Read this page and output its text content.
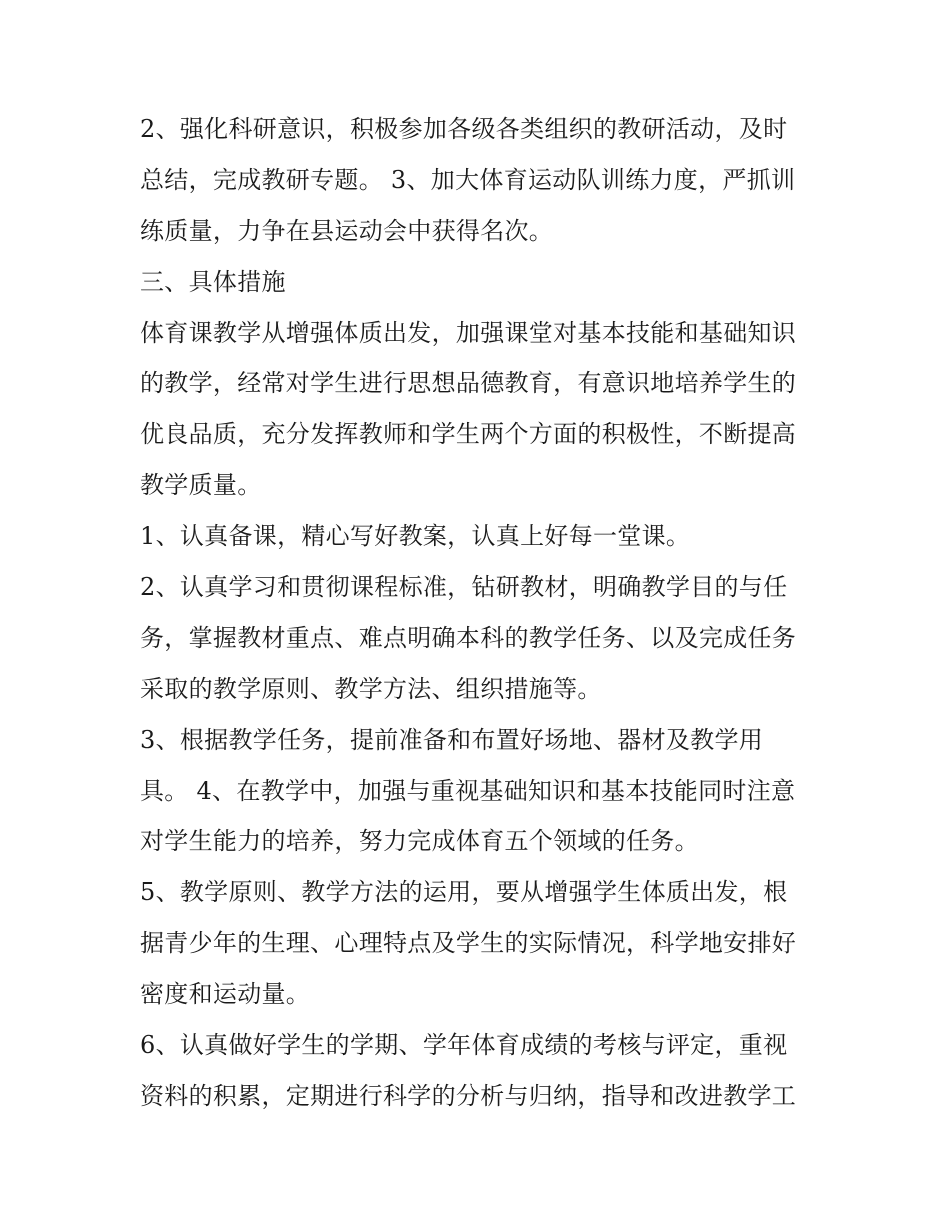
2、强化科研意识，积极参加各级各类组织的教研活动，及时
总结，完成教研专题。 3、加大体育运动队训练力度，严抓训
练质量，力争在县运动会中获得名次。
三、具体措施
体育课教学从增强体质出发，加强课堂对基本技能和基础知识
的教学，经常对学生进行思想品德教育，有意识地培养学生的
优良品质，充分发挥教师和学生两个方面的积极性，不断提高
教学质量。
1、认真备课，精心写好教案，认真上好每一堂课。
2、认真学习和贯彻课程标准，钻研教材，明确教学目的与任
务，掌握教材重点、难点明确本科的教学任务、以及完成任务
采取的教学原则、教学方法、组织措施等。
3、根据教学任务，提前准备和布置好场地、器材及教学用
具。 4、在教学中，加强与重视基础知识和基本技能同时注意
对学生能力的培养，努力完成体育五个领域的任务。
5、教学原则、教学方法的运用，要从增强学生体质出发，根
据青少年的生理、心理特点及学生的实际情况，科学地安排好
密度和运动量。
6、认真做好学生的学期、学年体育成绩的考核与评定，重视
资料的积累，定期进行科学的分析与归纳，指导和改进教学工
